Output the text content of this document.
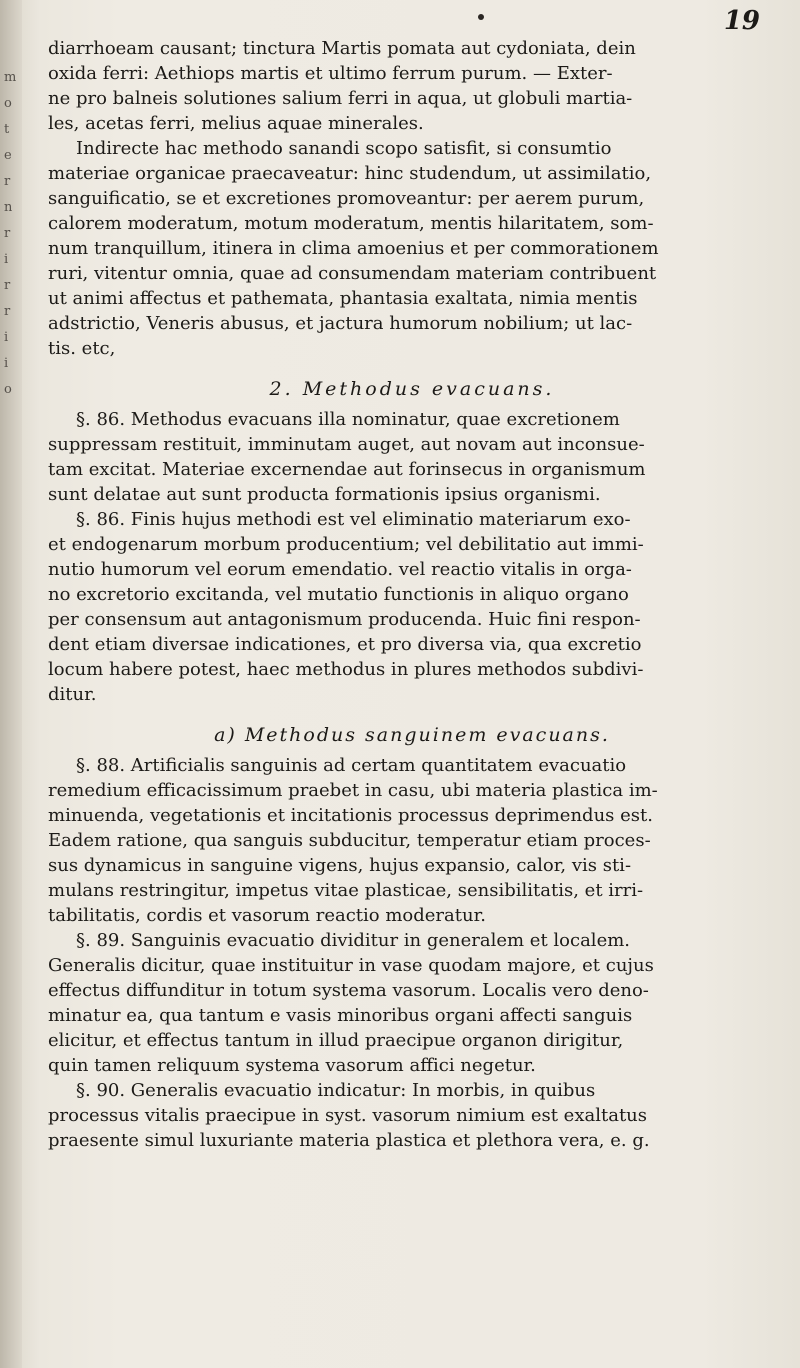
m
o
t
e
r
n
r
i
r
r
i
i
o
19
diarrhoeam causant; tinctura Martis pomata aut cydoniata, dein
oxida ferri: Aethiops martis et ultimo ferrum purum. — Exter-
ne pro balneis solutiones salium ferri in aqua, ut globuli martia-
les, acetas ferri, melius aquae minerales.
Indirecte hac methodo sanandi scopo satisfit, si consumtio
materiae organicae praecaveatur: hinc studendum, ut assimilatio,
sanguificatio, se et excretiones promoveantur: per aerem purum,
calorem moderatum, motum moderatum, mentis hilaritatem, som-
num tranquillum, itinera in clima amoenius et per commorationem
ruri, vitentur omnia, quae ad consumendam materiam contribuent
ut animi affectus et pathemata, phantasia exaltata, nimia mentis
adstrictio, Veneris abusus, et jactura humorum nobilium; ut lac-
tis. etc,
2. Methodus evacuans.
§. 86. Methodus evacuans illa nominatur, quae excretionem
suppressam restituit, imminutam auget, aut novam aut inconsue-
tam excitat. Materiae excernendae aut forinsecus in organismum
sunt delatae aut sunt producta formationis ipsius organismi.
§. 86. Finis hujus methodi est vel eliminatio materiarum exo-
et endogenarum morbum producentium; vel debilitatio aut immi-
nutio humorum vel eorum emendatio. vel reactio vitalis in orga-
no excretorio excitanda, vel mutatio functionis in aliquo organo
per consensum aut antagonismum producenda. Huic fini respon-
dent etiam diversae indicationes, et pro diversa via, qua excretio
locum habere potest, haec methodus in plures methodos subdivi-
ditur.
a) Methodus sanguinem evacuans.
§. 88. Artificialis sanguinis ad certam quantitatem evacuatio
remedium efficacissimum praebet in casu, ubi materia plastica im-
minuenda, vegetationis et incitationis processus deprimendus est.
Eadem ratione, qua sanguis subducitur, temperatur etiam proces-
sus dynamicus in sanguine vigens, hujus expansio, calor, vis sti-
mulans restringitur, impetus vitae plasticae, sensibilitatis, et irri-
tabilitatis, cordis et vasorum reactio moderatur.
§. 89. Sanguinis evacuatio dividitur in generalem et localem.
Generalis dicitur, quae instituitur in vase quodam majore, et cujus
effectus diffunditur in totum systema vasorum. Localis vero deno-
minatur ea, qua tantum e vasis minoribus organi affecti sanguis
elicitur, et effectus tantum in illud praecipue organon dirigitur,
quin tamen reliquum systema vasorum affici negetur.
§. 90. Generalis evacuatio indicatur: In morbis, in quibus
processus vitalis praecipue in syst. vasorum nimium est exaltatus
praesente simul luxuriante materia plastica et plethora vera, e. g.
